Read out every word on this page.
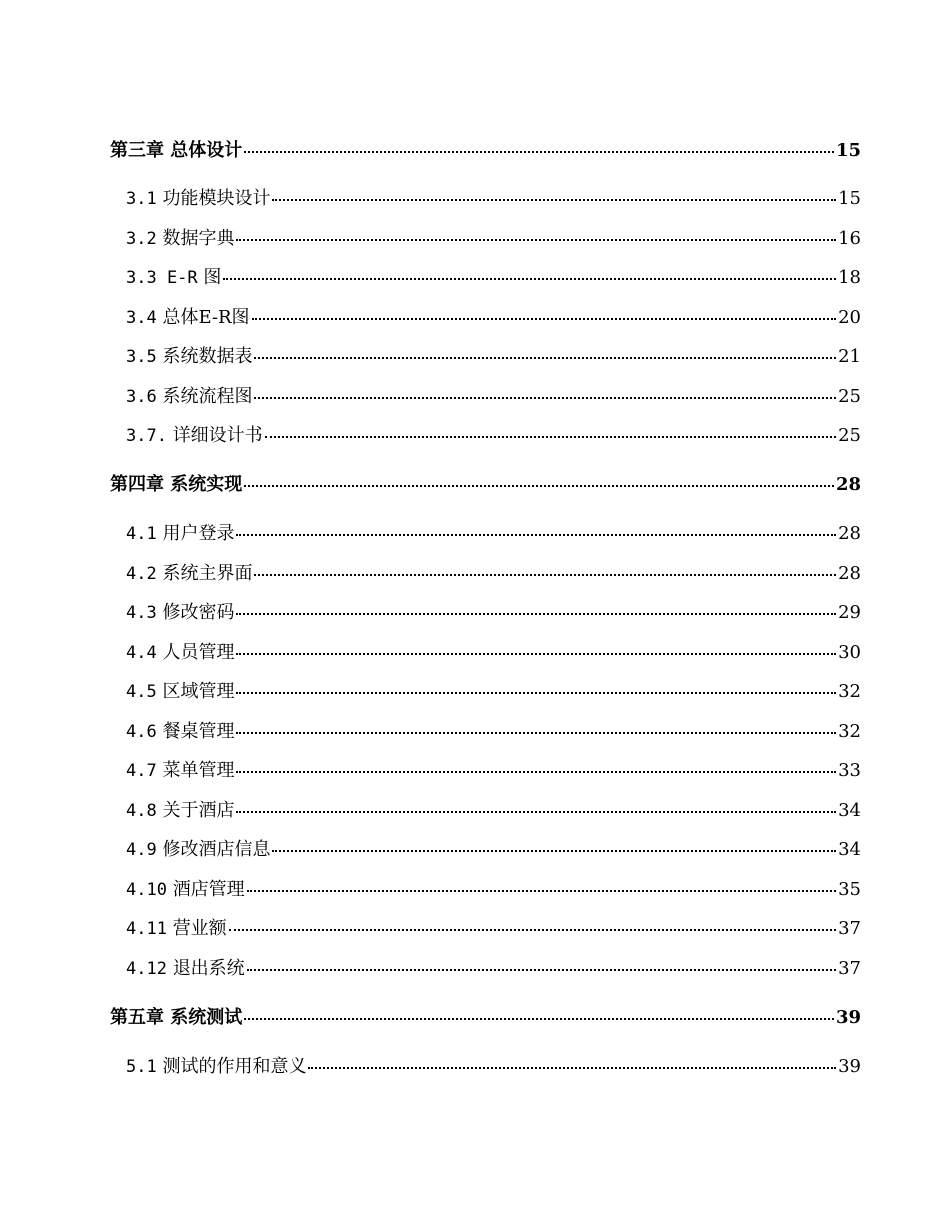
第三章 总体设计	15
3.1 功能模块设计	15
3.2 数据字典	16
3.3 E-R 图	18
3.4 总体E-R图	20
3.5 系统数据表	21
3.6 系统流程图	25
3.7. 详细设计书	25
第四章 系统实现	28
4.1 用户登录	28
4.2 系统主界面	28
4.3 修改密码	29
4.4 人员管理	30
4.5 区域管理	32
4.6 餐桌管理	32
4.7 菜单管理	33
4.8 关于酒店	34
4.9 修改酒店信息	34
4.10 酒店管理	35
4.11 营业额	37
4.12 退出系统	37
第五章 系统测试	39
5.1 测试的作用和意义	39
